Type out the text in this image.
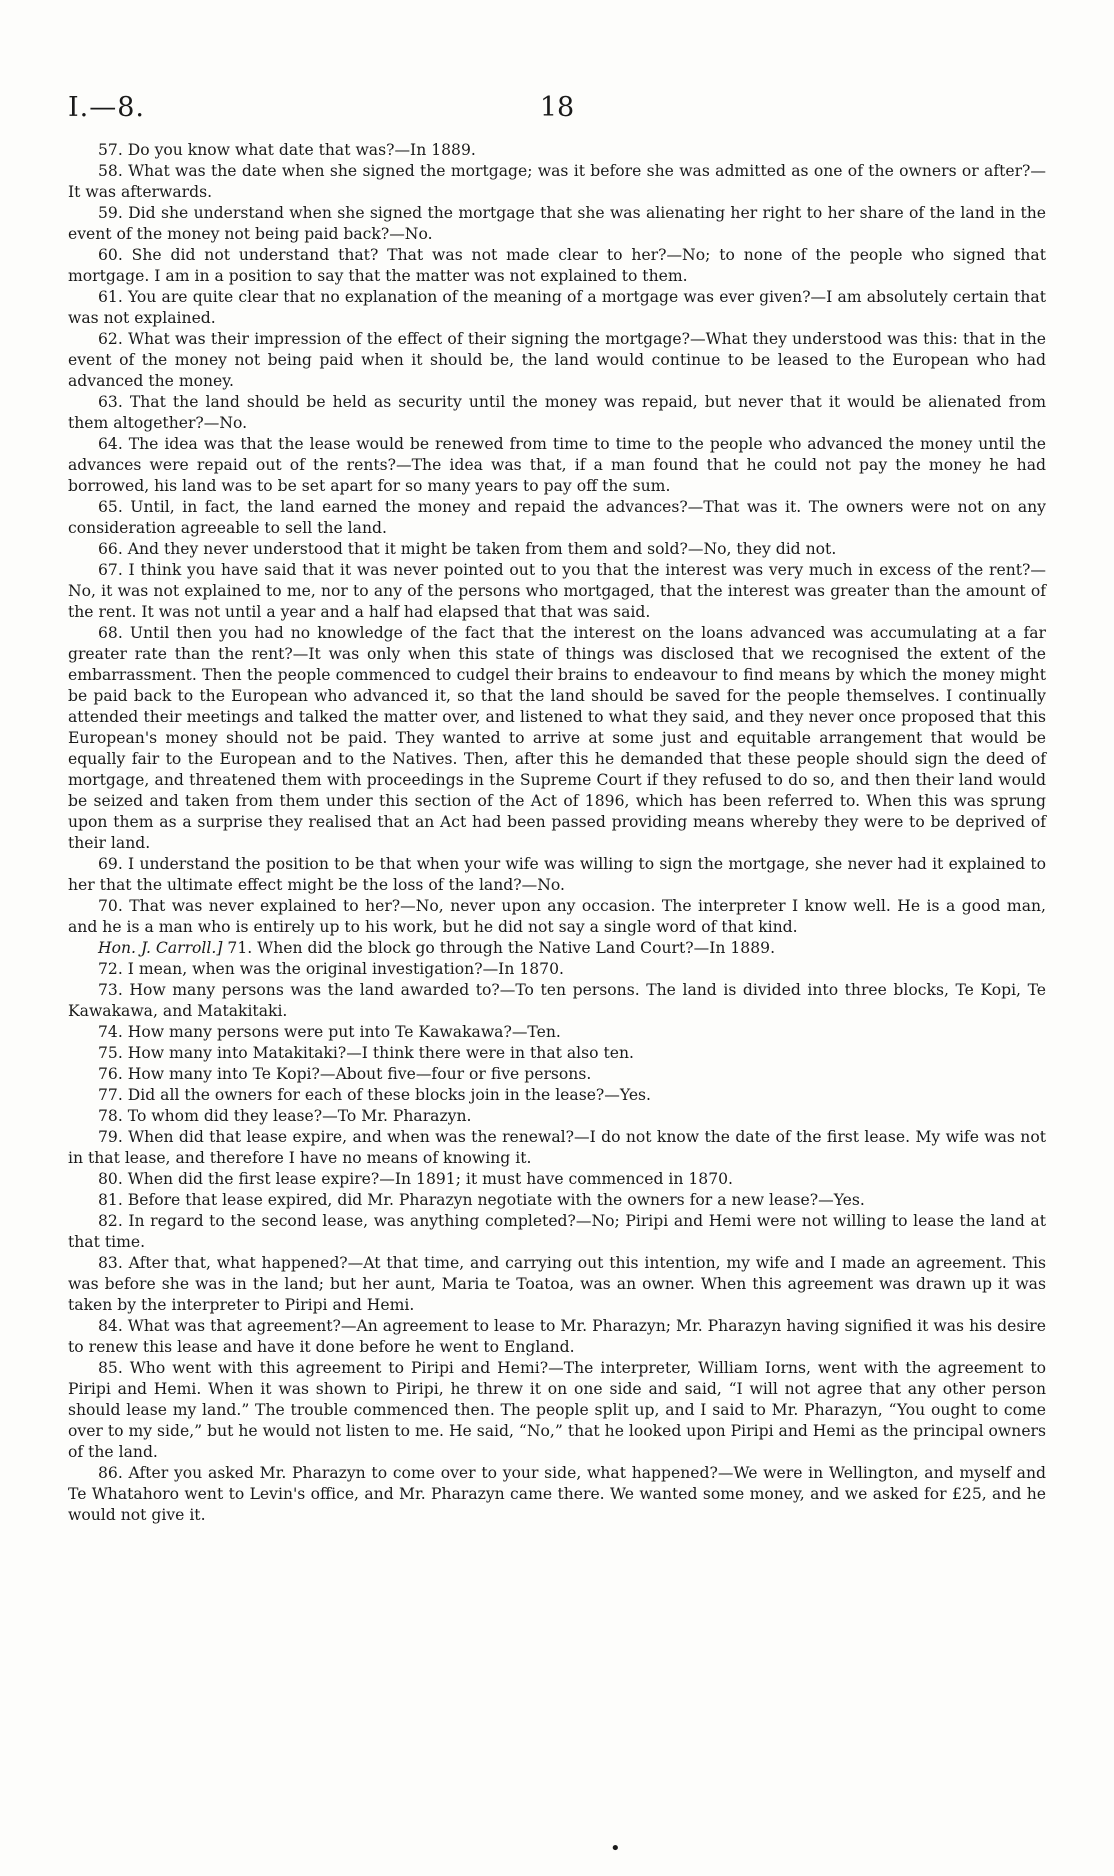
I.—8.	18

57. Do you know what date that was?—In 1889.

58. What was the date when she signed the mortgage; was it before she was admitted as one of the owners or after?—It was afterwards.

59. Did she understand when she signed the mortgage that she was alienating her right to her share of the land in the event of the money not being paid back?—No.

60. She did not understand that? That was not made clear to her?—No; to none of the people who signed that mortgage. I am in a position to say that the matter was not explained to them.

61. You are quite clear that no explanation of the meaning of a mortgage was ever given?—I am absolutely certain that was not explained.

62. What was their impression of the effect of their signing the mortgage?—What they understood was this: that in the event of the money not being paid when it should be, the land would continue to be leased to the European who had advanced the money.

63. That the land should be held as security until the money was repaid, but never that it would be alienated from them altogether?—No.

64. The idea was that the lease would be renewed from time to time to the people who advanced the money until the advances were repaid out of the rents?—The idea was that, if a man found that he could not pay the money he had borrowed, his land was to be set apart for so many years to pay off the sum.

65. Until, in fact, the land earned the money and repaid the advances?—That was it. The owners were not on any consideration agreeable to sell the land.

66. And they never understood that it might be taken from them and sold?—No, they did not.

67. I think you have said that it was never pointed out to you that the interest was very much in excess of the rent?—No, it was not explained to me, nor to any of the persons who mortgaged, that the interest was greater than the amount of the rent. It was not until a year and a half had elapsed that that was said.

68. Until then you had no knowledge of the fact that the interest on the loans advanced was accumulating at a far greater rate than the rent?—It was only when this state of things was disclosed that we recognised the extent of the embarrassment. Then the people commenced to cudgel their brains to endeavour to find means by which the money might be paid back to the European who advanced it, so that the land should be saved for the people themselves. I continually attended their meetings and talked the matter over, and listened to what they said, and they never once proposed that this European's money should not be paid. They wanted to arrive at some just and equitable arrangement that would be equally fair to the European and to the Natives. Then, after this he demanded that these people should sign the deed of mortgage, and threatened them with proceedings in the Supreme Court if they refused to do so, and then their land would be seized and taken from them under this section of the Act of 1896, which has been referred to. When this was sprung upon them as a surprise they realised that an Act had been passed providing means whereby they were to be deprived of their land.

69. I understand the position to be that when your wife was willing to sign the mortgage, she never had it explained to her that the ultimate effect might be the loss of the land?—No.

70. That was never explained to her?—No, never upon any occasion. The interpreter I know well. He is a good man, and he is a man who is entirely up to his work, but he did not say a single word of that kind.

Hon. J. Carroll.] 71. When did the block go through the Native Land Court?—In 1889.

72. I mean, when was the original investigation?—In 1870.

73. How many persons was the land awarded to?—To ten persons. The land is divided into three blocks, Te Kopi, Te Kawakawa, and Matakitaki.

74. How many persons were put into Te Kawakawa?—Ten.

75. How many into Matakitaki?—I think there were in that also ten.

76. How many into Te Kopi?—About five—four or five persons.

77. Did all the owners for each of these blocks join in the lease?—Yes.

78. To whom did they lease?—To Mr. Pharazyn.

79. When did that lease expire, and when was the renewal?—I do not know the date of the first lease. My wife was not in that lease, and therefore I have no means of knowing it.

80. When did the first lease expire?—In 1891; it must have commenced in 1870.

81. Before that lease expired, did Mr. Pharazyn negotiate with the owners for a new lease?—Yes.

82. In regard to the second lease, was anything completed?—No; Piripi and Hemi were not willing to lease the land at that time.

83. After that, what happened?—At that time, and carrying out this intention, my wife and I made an agreement. This was before she was in the land; but her aunt, Maria te Toatoa, was an owner. When this agreement was drawn up it was taken by the interpreter to Piripi and Hemi.

84. What was that agreement?—An agreement to lease to Mr. Pharazyn; Mr. Pharazyn having signified it was his desire to renew this lease and have it done before he went to England.

85. Who went with this agreement to Piripi and Hemi?—The interpreter, William Iorns, went with the agreement to Piripi and Hemi. When it was shown to Piripi, he threw it on one side and said, “I will not agree that any other person should lease my land.” The trouble commenced then. The people split up, and I said to Mr. Pharazyn, “You ought to come over to my side,” but he would not listen to me. He said, “No,” that he looked upon Piripi and Hemi as the principal owners of the land.

86. After you asked Mr. Pharazyn to come over to your side, what happened?—We were in Wellington, and myself and Te Whatahoro went to Levin's office, and Mr. Pharazyn came there. We wanted some money, and we asked for £25, and he would not give it.

•
